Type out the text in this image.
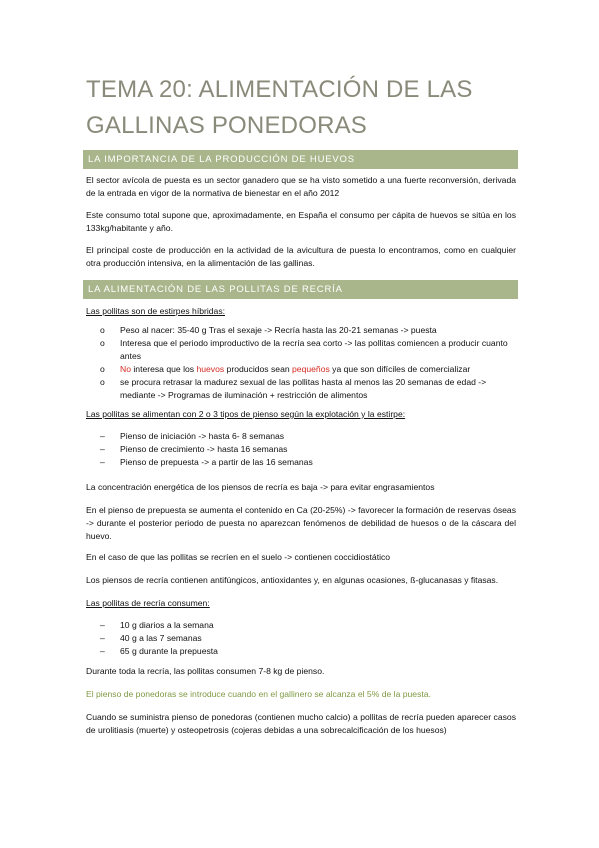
TEMA 20: ALIMENTACIÓN DE LAS GALLINAS PONEDORAS
LA IMPORTANCIA DE LA PRODUCCIÓN DE HUEVOS
El sector avícola de puesta es un sector ganadero que se ha visto sometido a una fuerte reconversión, derivada de la entrada en vigor de la normativa de bienestar en el año 2012
Este consumo total supone que, aproximadamente, en España el consumo per cápita de huevos se sitúa en los 133kg/habitante y año.
El principal coste de producción en la actividad de la avicultura de puesta lo encontramos, como en cualquier otra producción intensiva, en la alimentación de las gallinas.
LA ALIMENTACIÓN DE LAS POLLITAS DE RECRÍA
Las pollitas son de estirpes híbridas:
o Peso al nacer: 35-40 g Tras el sexaje -> Recría hasta las 20-21 semanas -> puesta
o Interesa que el periodo improductivo de la recría sea corto -> las pollitas comiencen a producir cuanto antes
o No interesa que los huevos producidos sean pequeños ya que son difíciles de comercializar
o se procura retrasar la madurez sexual de las pollitas hasta al menos las 20 semanas de edad -> mediante -> Programas de iluminación + restricción de alimentos
Las pollitas se alimentan con 2 o 3 tipos de pienso según la explotación y la estirpe:
– Pienso de iniciación -> hasta 6- 8 semanas
– Pienso de crecimiento -> hasta 16 semanas
– Pienso de prepuesta -> a partir de las 16 semanas
La concentración energética de los piensos de recría es baja -> para evitar engrasamientos
En el pienso de prepuesta se aumenta el contenido en Ca (20-25%) -> favorecer la formación de reservas óseas -> durante el posterior periodo de puesta no aparezcan fenómenos de debilidad de huesos o de la cáscara del huevo.
En el caso de que las pollitas se recríen en el suelo -> contienen coccidiostático
Los piensos de recría contienen antifúngicos, antioxidantes y, en algunas ocasiones, ß-glucanasas y fitasas.
Las pollitas de recría consumen:
– 10 g diarios a la semana
– 40 g a las 7 semanas
– 65 g durante la prepuesta
Durante toda la recría, las pollitas consumen 7-8 kg de pienso.
El pienso de ponedoras se introduce cuando en el gallinero se alcanza el 5% de la puesta.
Cuando se suministra pienso de ponedoras (contienen mucho calcio) a pollitas de recría pueden aparecer casos de urolitiasis (muerte) y osteopetrosis (cojeras debidas a una sobrecalcificación de los huesos)
